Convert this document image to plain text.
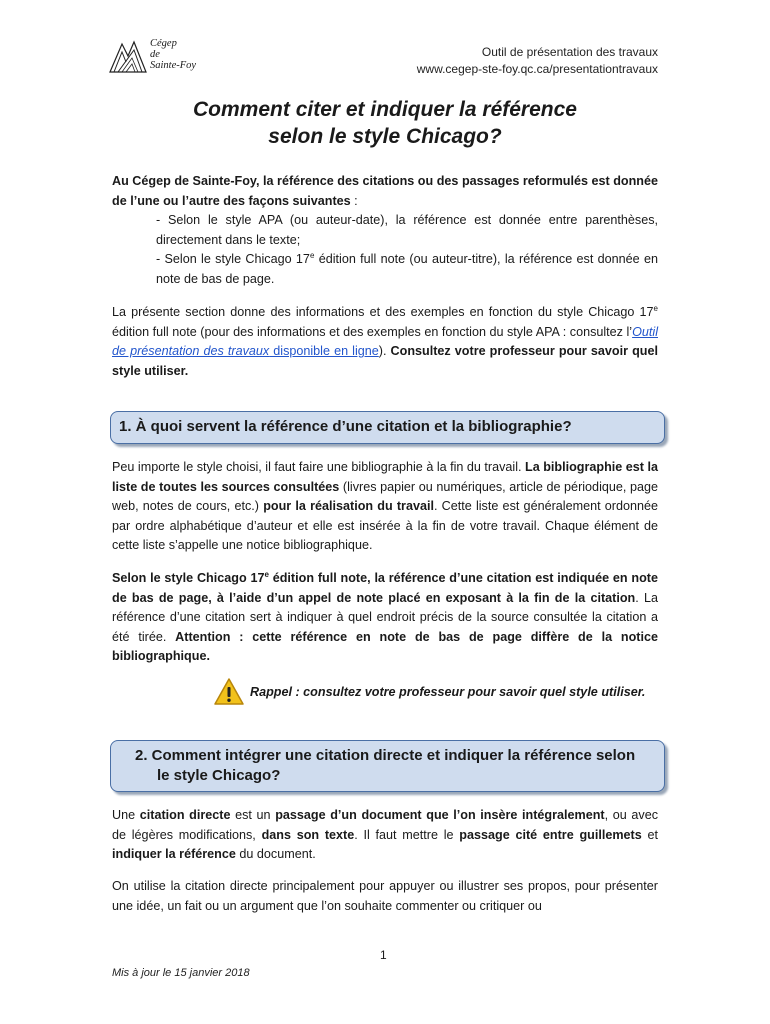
Cégep
de
Sainte-Foy
Outil de présentation des travaux
www.cegep-ste-foy.qc.ca/presentationtravaux
Comment citer et indiquer la référence
selon le style Chicago?
Au Cégep de Sainte-Foy, la référence des citations ou des passages reformulés est donnée de l’une ou l’autre des façons suivantes :
- Selon le style APA (ou auteur-date), la référence est donnée entre parenthèses, directement dans le texte;
- Selon le style Chicago 17e édition full note (ou auteur-titre), la référence est donnée en note de bas de page.
La présente section donne des informations et des exemples en fonction du style Chicago 17e édition full note (pour des informations et des exemples en fonction du style APA : consultez l’Outil de présentation des travaux disponible en ligne). Consultez votre professeur pour savoir quel style utiliser.
1. À quoi servent la référence d’une citation et la bibliographie?
Peu importe le style choisi, il faut faire une bibliographie à la fin du travail. La bibliographie est la liste de toutes les sources consultées (livres papier ou numériques, article de périodique, page web, notes de cours, etc.) pour la réalisation du travail. Cette liste est généralement ordonnée par ordre alphabétique d’auteur et elle est insérée à la fin de votre travail. Chaque élément de cette liste s’appelle une notice bibliographique.
Selon le style Chicago 17e édition full note, la référence d’une citation est indiquée en note de bas de page, à l’aide d’un appel de note placé en exposant à la fin de la citation. La référence d’une citation sert à indiquer à quel endroit précis de la source consultée la citation a été tirée. Attention : cette référence en note de bas de page diffère de la notice bibliographique.
Rappel : consultez votre professeur pour savoir quel style utiliser.
2. Comment intégrer une citation directe et indiquer la référence selon
le style Chicago?
Une citation directe est un passage d’un document que l’on insère intégralement, ou avec de légères modifications, dans son texte. Il faut mettre le passage cité entre guillemets et indiquer la référence du document.
On utilise la citation directe principalement pour appuyer ou illustrer ses propos, pour présenter une idée, un fait ou un argument que l’on souhaite commenter ou critiquer ou
1
Mis à jour le 15 janvier 2018
